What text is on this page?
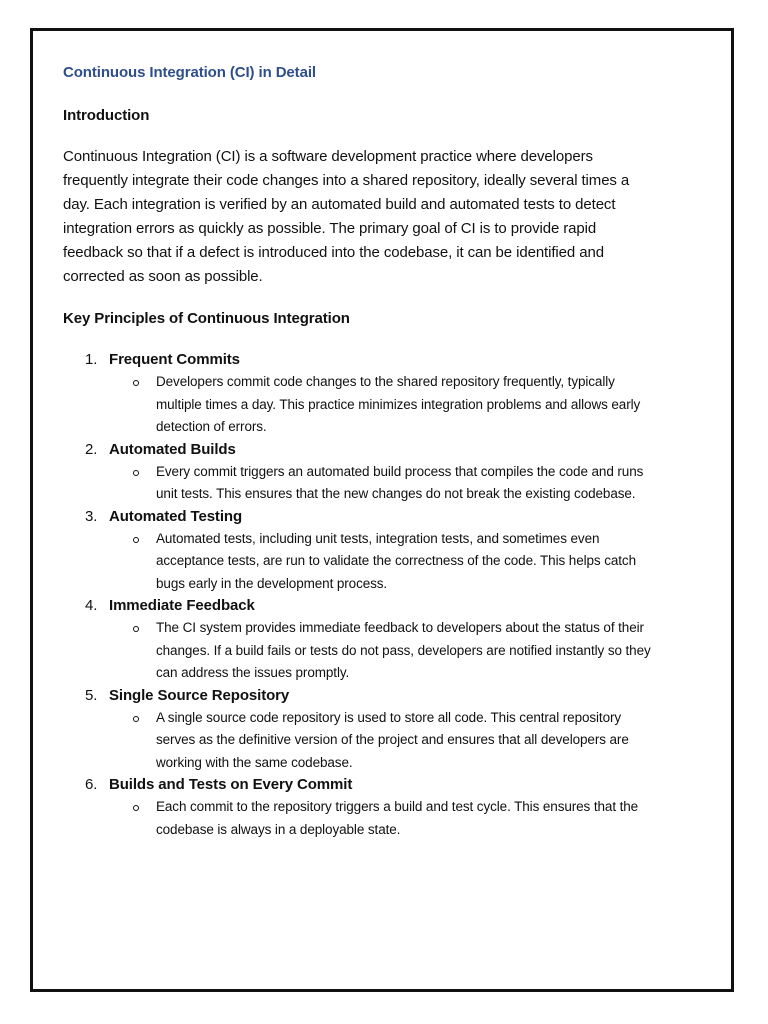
Continuous Integration (CI) in Detail
Introduction

Continuous Integration (CI) is a software development practice where developers frequently integrate their code changes into a shared repository, ideally several times a day. Each integration is verified by an automated build and automated tests to detect integration errors as quickly as possible. The primary goal of CI is to provide rapid feedback so that if a defect is introduced into the codebase, it can be identified and corrected as soon as possible.

Key Principles of Continuous Integration
1. Frequent Commits

Developers commit code changes to the shared repository frequently, typically multiple times a day. This practice minimizes integration problems and allows early detection of errors.

2. Automated Builds

Every commit triggers an automated build process that compiles the code and runs unit tests. This ensures that the new changes do not break the existing codebase.

3. Automated Testing

Automated tests, including unit tests, integration tests, and sometimes even acceptance tests, are run to validate the correctness of the code. This helps catch bugs early in the development process.

4. Immediate Feedback

The CI system provides immediate feedback to developers about the status of their changes. If a build fails or tests do not pass, developers are notified instantly so they can address the issues promptly.

5. Single Source Repository

A single source code repository is used to store all code. This central repository serves as the definitive version of the project and ensures that all developers are working with the same codebase.

6. Builds and Tests on Every Commit

Each commit to the repository triggers a build and test cycle. This ensures that the codebase is always in a deployable state.
